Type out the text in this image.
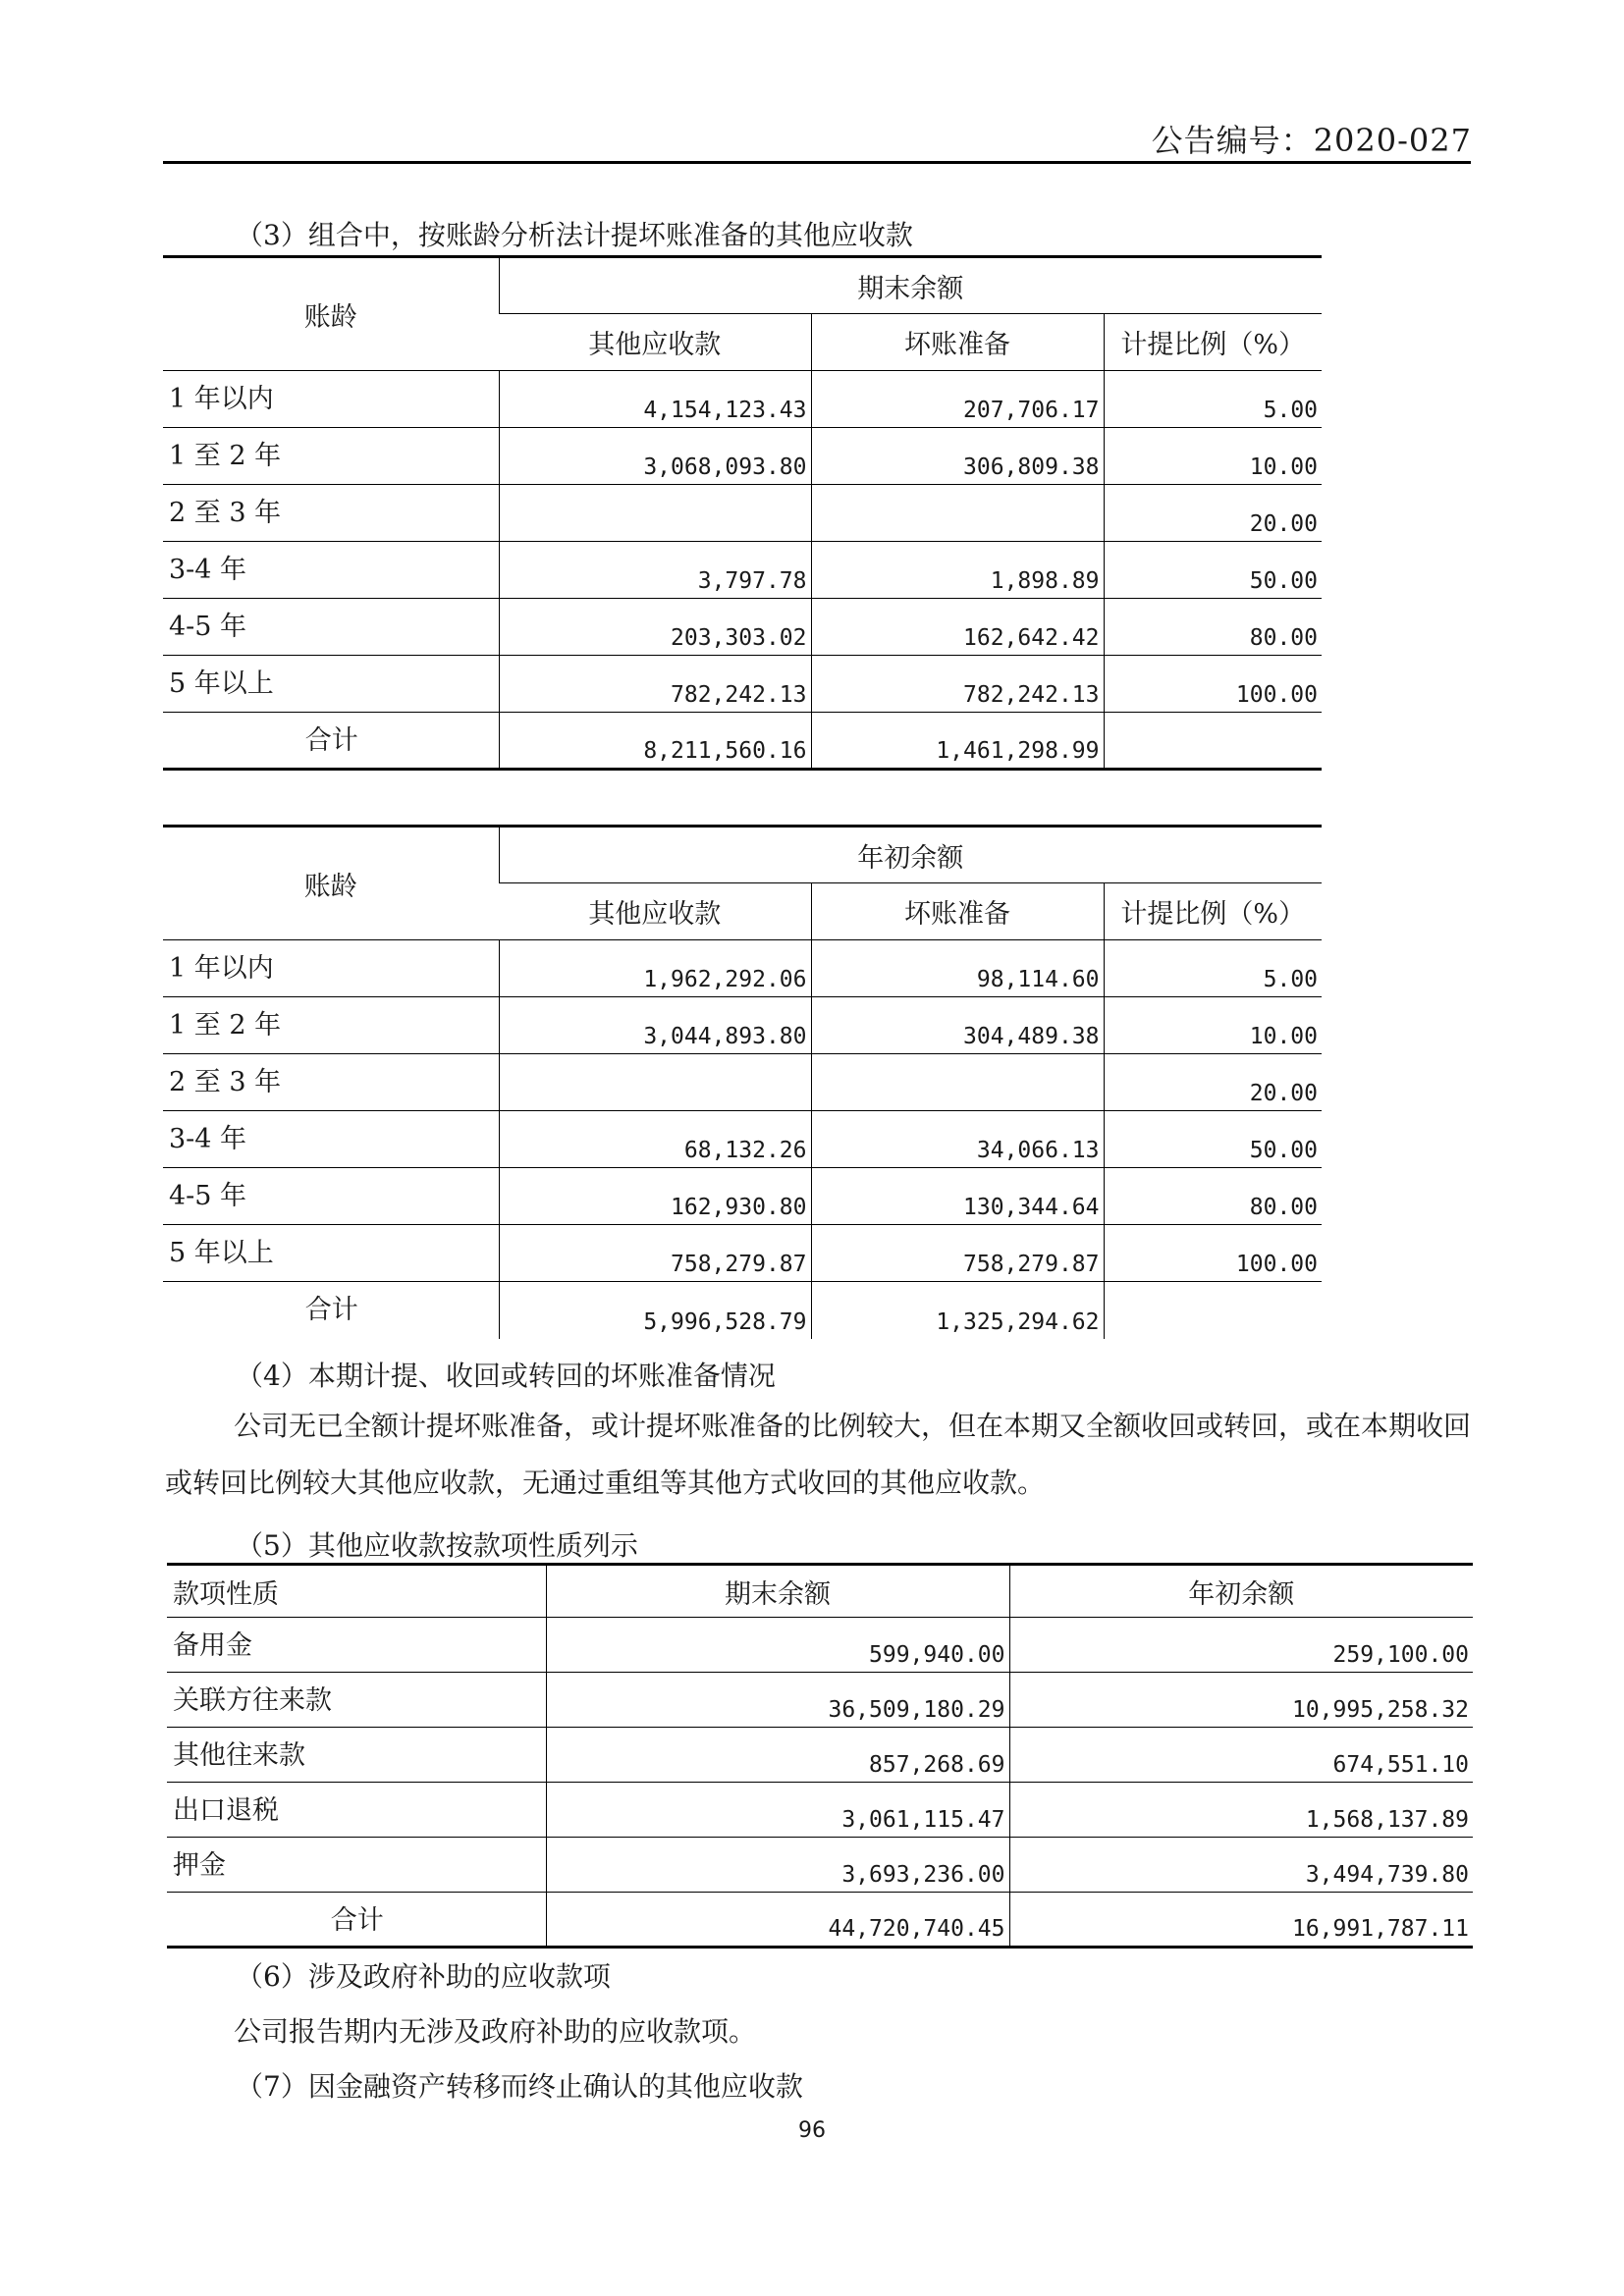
公告编号：2020-027
（3）组合中，按账龄分析法计提坏账准备的其他应收款
账龄	期末余额		
	其他应收款	坏账准备	计提比例（%）
1 年以内	4,154,123.43	207,706.17	5.00
1 至 2 年	3,068,093.80	306,809.38	10.00
2 至 3 年			20.00
3-4 年	3,797.78	1,898.89	50.00
4-5 年	203,303.02	162,642.42	80.00
5 年以上	782,242.13	782,242.13	100.00
合计	8,211,560.16	1,461,298.99	
账龄	年初余额		
	其他应收款	坏账准备	计提比例（%）
1 年以内	1,962,292.06	98,114.60	5.00
1 至 2 年	3,044,893.80	304,489.38	10.00
2 至 3 年			20.00
3-4 年	68,132.26	34,066.13	50.00
4-5 年	162,930.80	130,344.64	80.00
5 年以上	758,279.87	758,279.87	100.00
合计	5,996,528.79	1,325,294.62	
（4）本期计提、收回或转回的坏账准备情况
公司无已全额计提坏账准备，或计提坏账准备的比例较大，但在本期又全额收回或转回，或在本期收回或转回比例较大其他应收款，无通过重组等其他方式收回的其他应收款。
（5）其他应收款按款项性质列示
款项性质	期末余额	年初余额
备用金	599,940.00	259,100.00
关联方往来款	36,509,180.29	10,995,258.32
其他往来款	857,268.69	674,551.10
出口退税	3,061,115.47	1,568,137.89
押金	3,693,236.00	3,494,739.80
合计	44,720,740.45	16,991,787.11
（6）涉及政府补助的应收款项
公司报告期内无涉及政府补助的应收款项。
（7）因金融资产转移而终止确认的其他应收款
96
